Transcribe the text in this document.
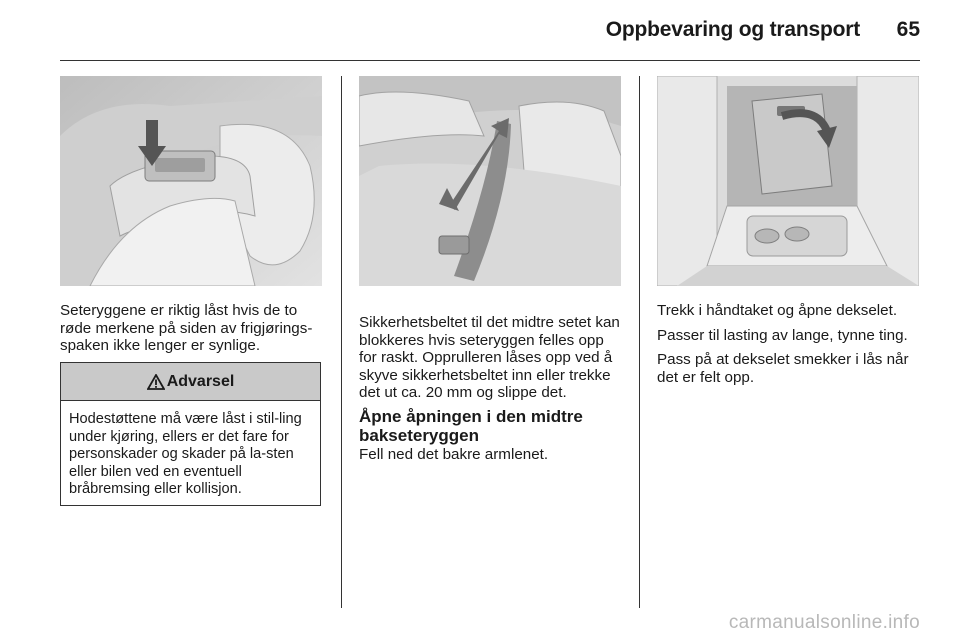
Oppbevaring og transport	65

Seteryggene er riktig låst hvis de to røde merkene på siden av frigjørings-spaken ikke lenger er synlige.

Advarsel
Hodestøttene må være låst i stil-ling under kjøring, ellers er det fare for personskader og skader på la-sten eller bilen ved en eventuell bråbremsing eller kollisjon.

Sikkerhetsbeltet til det midtre setet kan blokkeres hvis seteryggen felles opp for raskt. Opprulleren låses opp ved å skyve sikkerhetsbeltet inn eller trekke det ut ca. 20 mm og slippe det.

Åpne åpningen i den midtre bakseteryggen

Fell ned det bakre armlenet.

Trekk i håndtaket og åpne dekselet.

Passer til lasting av lange, tynne ting.

Pass på at dekselet smekker i lås når det er felt opp.

carmanualsonline.info
